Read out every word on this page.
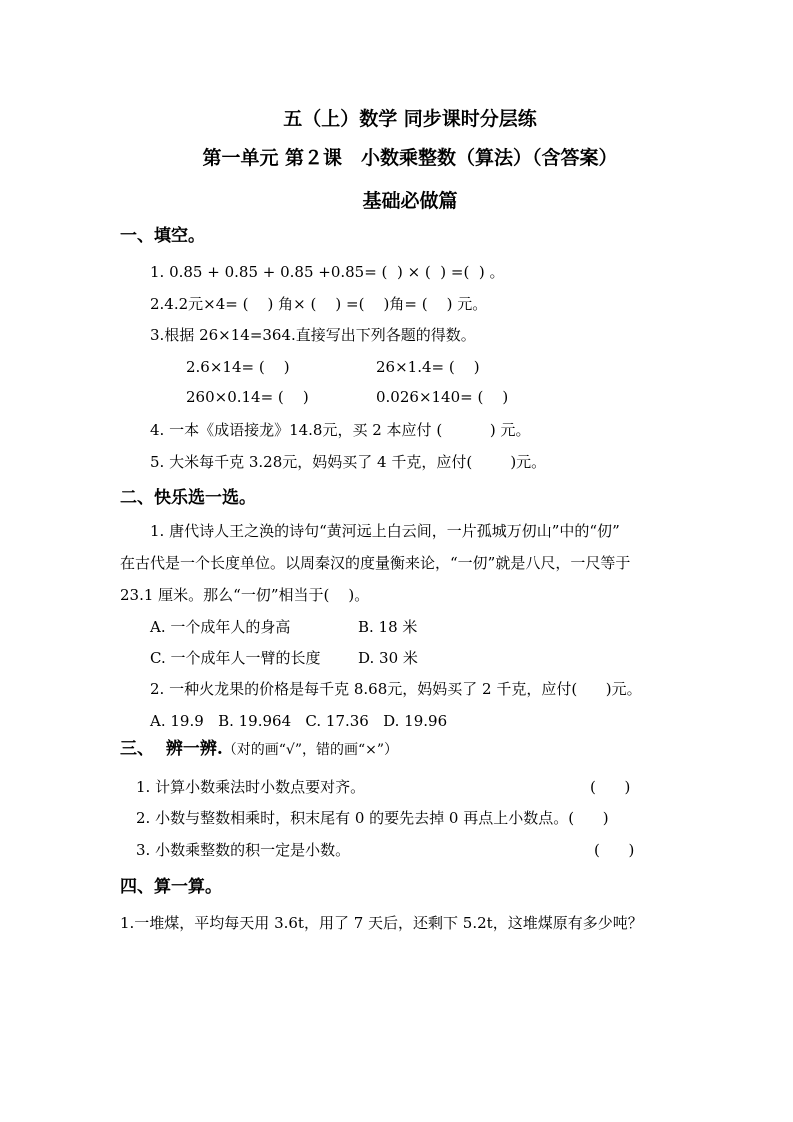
五（上）数学 同步课时分层练
第一单元 第２课　小数乘整数（算法）（含答案）
基础必做篇
一、填空。
1. 0.85 + 0.85 + 0.85 +0.85= (  ) × (  ) =(  ) 。
2.4.2元×4= (    ) 角× (    ) =(    )角= (    ) 元。
3.根据 26×14=364.直接写出下列各题的得数。
2.6×14= (    )	26×1.4= (    )
260×0.14= (    )	0.026×140= (    )
4. 一本《成语接龙》14.8元，买 2 本应付 (          ) 元。
5. 大米每千克 3.28元，妈妈买了 4 千克，应付(        )元。
二、快乐选一选。
1. 唐代诗人王之涣的诗句“黄河远上白云间，一片孤城万仞山”中的“仞”
在古代是一个长度单位。以周秦汉的度量衡来论，“一仞”就是八尺，一尺等于
23.1 厘米。那么“一仞”相当于(    )。
A. 一个成年人的身高	B. 18 米
C. 一个成年人一臂的长度	D. 30 米
2. 一种火龙果的价格是每千克 8.68元，妈妈买了 2 千克，应付(      )元。
A. 19.9   B. 19.964   C. 17.36   D. 19.96
三、  辨一辨.（对的画“√”，错的画“×”）
1. 计算小数乘法时小数点要对齐。	(      )
2. 小数与整数相乘时，积末尾有 0 的要先去掉 0 再点上小数点。(      )
3. 小数乘整数的积一定是小数。	(      )
四、算一算。
1.一堆煤，平均每天用 3.6t，用了 7 天后，还剩下 5.2t，这堆煤原有多少吨？
